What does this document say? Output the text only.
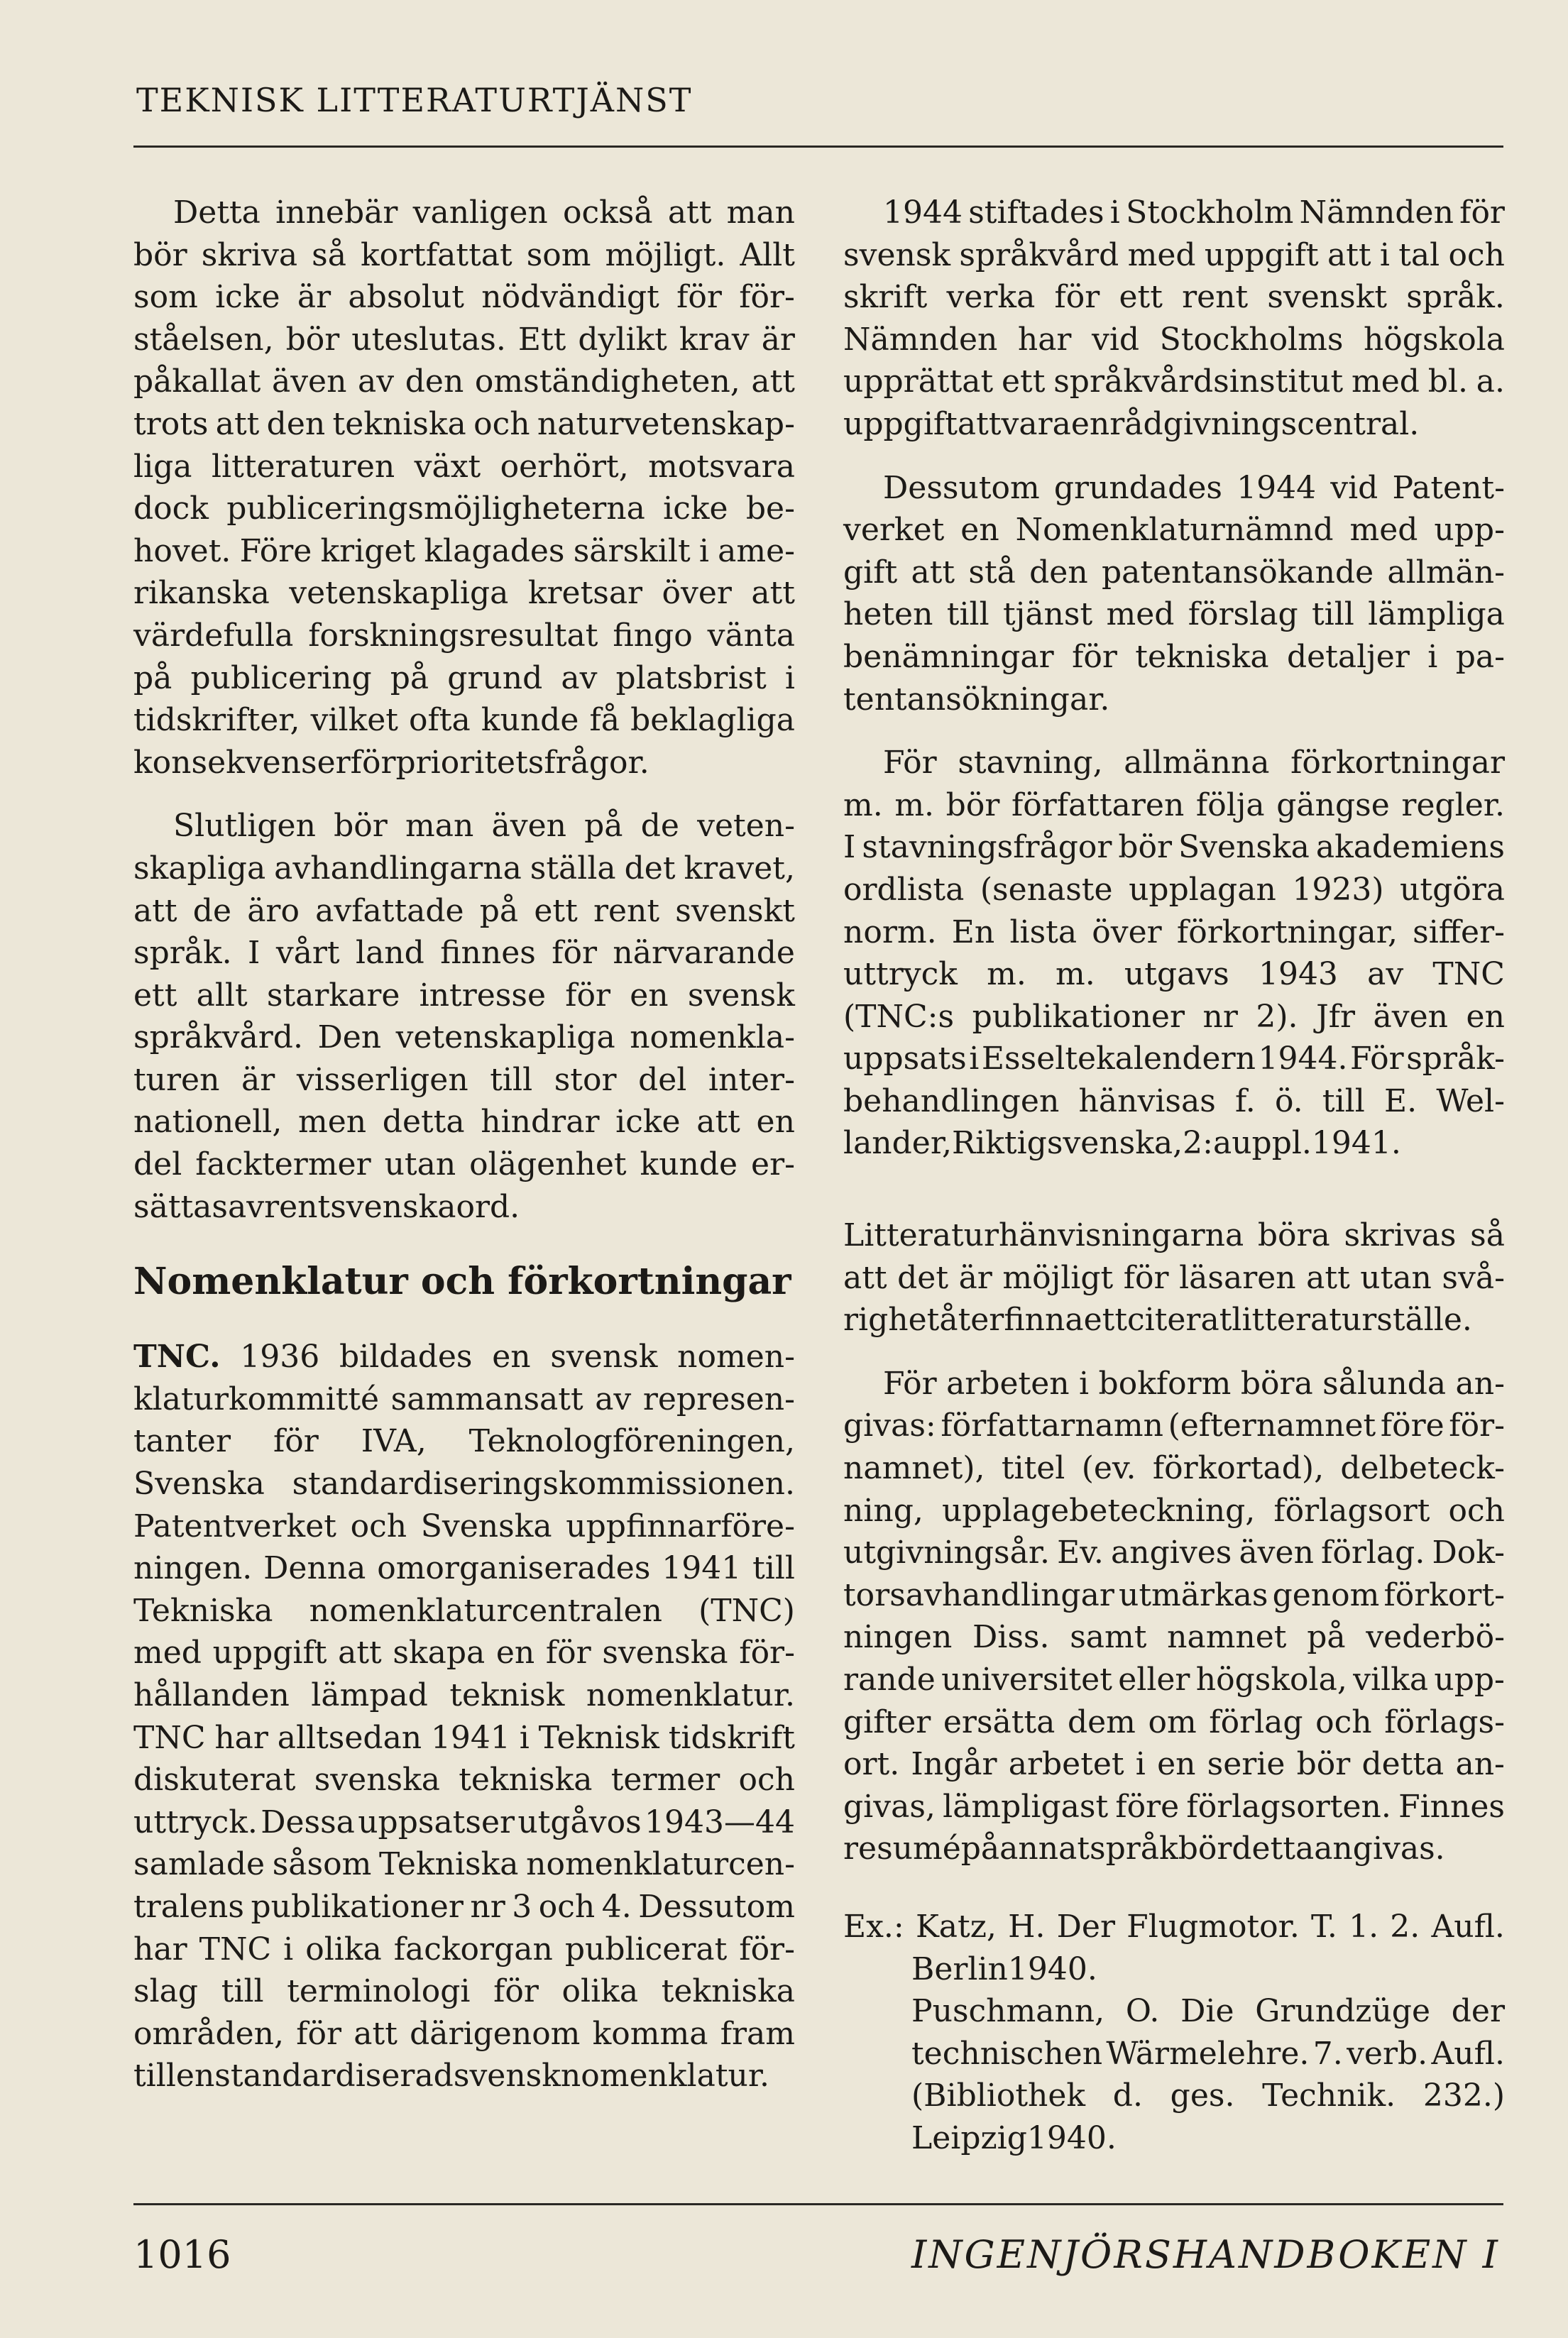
TEKNISK LITTERATURTJÄNST
Detta innebär vanligen också att man
bör skriva så kortfattat som möjligt. Allt
som icke är absolut nödvändigt för för-
ståelsen, bör uteslutas. Ett dylikt krav är
påkallat även av den omständigheten, att
trots att den tekniska och naturvetenskap-
liga litteraturen växt oerhört, motsvara
dock publiceringsmöjligheterna icke be-
hovet. Före kriget klagades särskilt i ame-
rikanska vetenskapliga kretsar över att
värdefulla forskningsresultat fingo vänta
på publicering på grund av platsbrist i
tidskrifter, vilket ofta kunde få beklagliga
konsekvenser för prioritetsfrågor.
Slutligen bör man även på de veten-
skapliga avhandlingarna ställa det kravet,
att de äro avfattade på ett rent svenskt
språk. I vårt land finnes för närvarande
ett allt starkare intresse för en svensk
språkvård. Den vetenskapliga nomenkla-
turen är visserligen till stor del inter-
nationell, men detta hindrar icke att en
del facktermer utan olägenhet kunde er-
sättas av rent svenska ord.
Nomenklatur och förkortningar
TNC. 1936 bildades en svensk nomen-
klaturkommitté sammansatt av represen-
tanter för IVA, Teknologföreningen,
Svenska standardiseringskommissionen.
Patentverket och Svenska uppfinnarföre-
ningen. Denna omorganiserades 1941 till
Tekniska nomenklaturcentralen (TNC)
med uppgift att skapa en för svenska för-
hållanden lämpad teknisk nomenklatur.
TNC har alltsedan 1941 i Teknisk tidskrift
diskuterat svenska tekniska termer och
uttryck. Dessa uppsatser utgåvos 1943—44
samlade såsom Tekniska nomenklaturcen-
tralens publikationer nr 3 och 4. Dessutom
har TNC i olika fackorgan publicerat för-
slag till terminologi för olika tekniska
områden, för att därigenom komma fram
till en standardiserad svensk nomenklatur.
1944 stiftades i Stockholm Nämnden för
svensk språkvård med uppgift att i tal och
skrift verka för ett rent svenskt språk.
Nämnden har vid Stockholms högskola
upprättat ett språkvårdsinstitut med bl. a.
uppgift att vara en rådgivningscentral.
Dessutom grundades 1944 vid Patent-
verket en Nomenklaturnämnd med upp-
gift att stå den patentansökande allmän-
heten till tjänst med förslag till lämpliga
benämningar för tekniska detaljer i pa-
tentansökningar.
För stavning, allmänna förkortningar
m. m. bör författaren följa gängse regler.
I stavningsfrågor bör Svenska akademiens
ordlista (senaste upplagan 1923) utgöra
norm. En lista över förkortningar, siffer-
uttryck m. m. utgavs 1943 av TNC
(TNC:s publikationer nr 2). Jfr även en
uppsats i Esseltekalendern 1944. För språk-
behandlingen hänvisas f. ö. till E. Wel-
lander, Riktig svenska, 2:a uppl. 1941.
Litteraturhänvisningarna böra skrivas så
att det är möjligt för läsaren att utan svå-
righet återfinna ett citerat litteraturställe.
För arbeten i bokform böra sålunda an-
givas: författarnamn (efternamnet före för-
namnet), titel (ev. förkortad), delbeteck-
ning, upplagebeteckning, förlagsort och
utgivningsår. Ev. angives även förlag. Dok-
torsavhandlingar utmärkas genom förkort-
ningen Diss. samt namnet på vederbö-
rande universitet eller högskola, vilka upp-
gifter ersätta dem om förlag och förlags-
ort. Ingår arbetet i en serie bör detta an-
givas, lämpligast före förlagsorten. Finnes
resumé på annat språk bör detta angivas.
Ex.: Katz, H. Der Flugmotor. T. 1. 2. Aufl.
Berlin 1940.
Puschmann, O. Die Grundzüge der
technischen Wärmelehre. 7. verb. Aufl.
(Bibliothek d. ges. Technik. 232.)
Leipzig 1940.
1016	INGENJÖRSHANDBOKEN I
